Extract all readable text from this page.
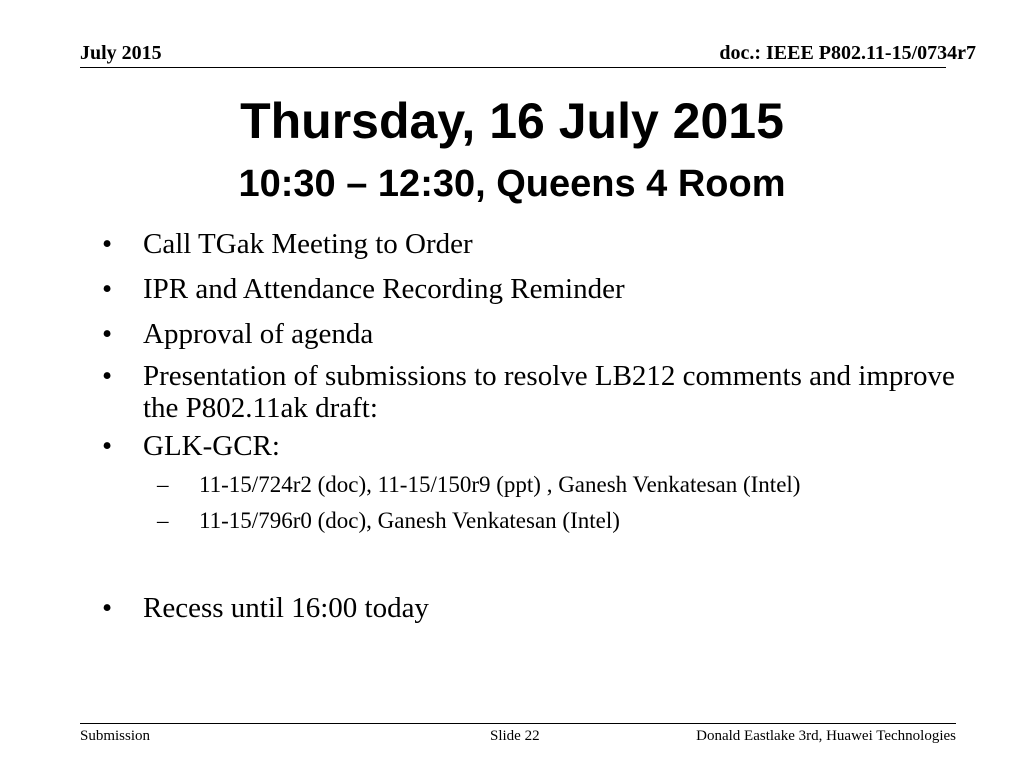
July 2015	doc.: IEEE P802.11-15/0734r7
Thursday, 16 July 2015
10:30 – 12:30, Queens 4 Room
•	Call TGak Meeting to Order
•	IPR and Attendance Recording Reminder
•	Approval of agenda
•	Presentation of submissions to resolve LB212 comments and improve the P802.11ak draft:
•	GLK-GCR:
–	11-15/724r2 (doc), 11-15/150r9 (ppt) , Ganesh Venkatesan (Intel)
–	11-15/796r0 (doc), Ganesh Venkatesan (Intel)
•	Recess until 16:00 today
Submission	Slide 22	Donald Eastlake 3rd, Huawei Technologies
